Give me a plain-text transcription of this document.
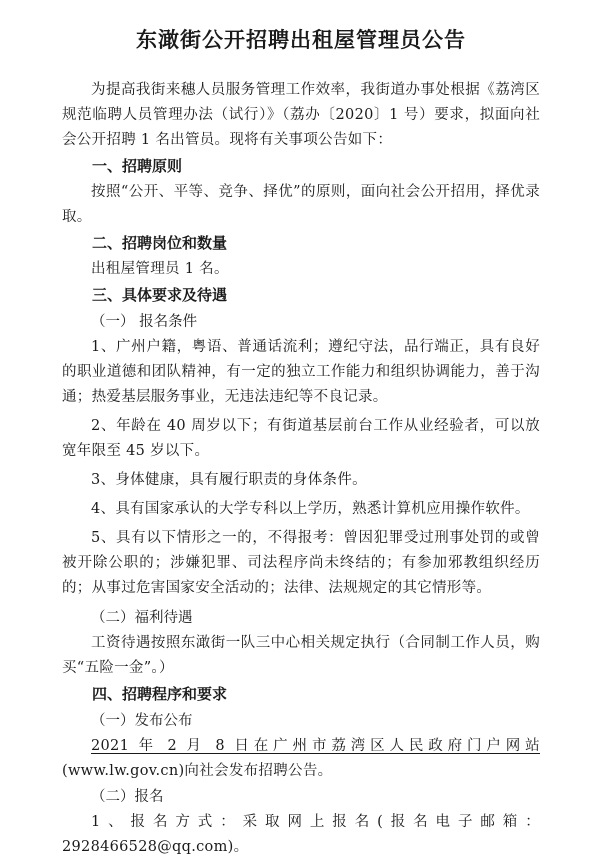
东澉街公开招聘出租屋管理员公告

为提高我街来穗人员服务管理工作效率，我街道办事处根据《荔湾区规范临聘人员管理办法（试行）》（荔办〔2020〕1 号）要求，拟面向社会公开招聘 1 名出管员。现将有关事项公告如下：

一、招聘原则

按照“公开、平等、竞争、择优”的原则，面向社会公开招用，择优录取。

二、招聘岗位和数量

出租屋管理员 1 名。

三、具体要求及待遇

（一） 报名条件

1、广州户籍，粤语、普通话流利；遵纪守法，品行端正，具有良好的职业道德和团队精神，有一定的独立工作能力和组织协调能力，善于沟通；热爱基层服务事业，无违法违纪等不良记录。

2、年龄在 40 周岁以下；有街道基层前台工作从业经验者，可以放宽年限至 45 岁以下。

3、身体健康，具有履行职责的身体条件。

4、具有国家承认的大学专科以上学历，熟悉计算机应用操作软件。

5、具有以下情形之一的，不得报考：曾因犯罪受过刑事处罚的或曾被开除公职的；涉嫌犯罪、司法程序尚未终结的；有参加邪教组织经历的；从事过危害国家安全活动的；法律、法规规定的其它情形等。

（二）福利待遇

工资待遇按照东澉街一队三中心相关规定执行（合同制工作人员，购买“五险一金”。）

四、招聘程序和要求

（一）发布公布

2021 年 2 月 8 日在广州市荔湾区人民政府门户网站(www.lw.gov.cn)向社会发布招聘公告。

（二）报名

1、报名方式：采取网上报名(报名电子邮箱：2928466528@qq.com)。
